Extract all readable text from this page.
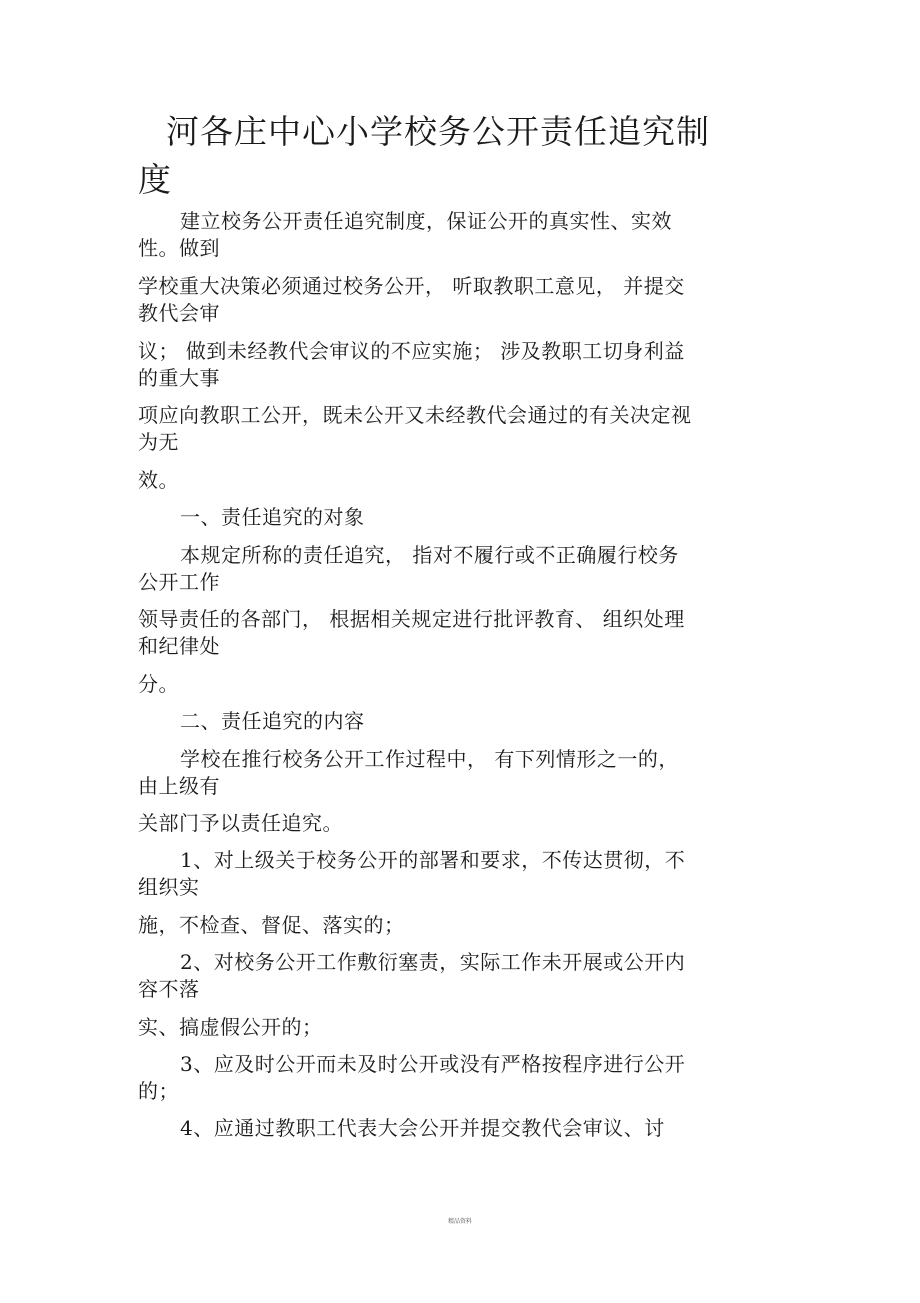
河各庄中心小学校务公开责任追究制度
建立校务公开责任追究制度，保证公开的真实性、实效
性。做到
学校重大决策必须通过校务公开， 听取教职工意见， 并提交
教代会审
议； 做到未经教代会审议的不应实施； 涉及教职工切身利益
的重大事
项应向教职工公开，既未公开又未经教代会通过的有关决定视
为无
效。
一、责任追究的对象
本规定所称的责任追究， 指对不履行或不正确履行校务
公开工作
领导责任的各部门， 根据相关规定进行批评教育、 组织处理
和纪律处
分。
二、责任追究的内容
学校在推行校务公开工作过程中， 有下列情形之一的，
由上级有
关部门予以责任追究。
1、对上级关于校务公开的部署和要求，不传达贯彻，不
组织实
施，不检查、督促、落实的；
2、对校务公开工作敷衍塞责，实际工作未开展或公开内
容不落
实、搞虚假公开的；
3、应及时公开而未及时公开或没有严格按程序进行公开
的；
4、应通过教职工代表大会公开并提交教代会审议、讨
精品资料
